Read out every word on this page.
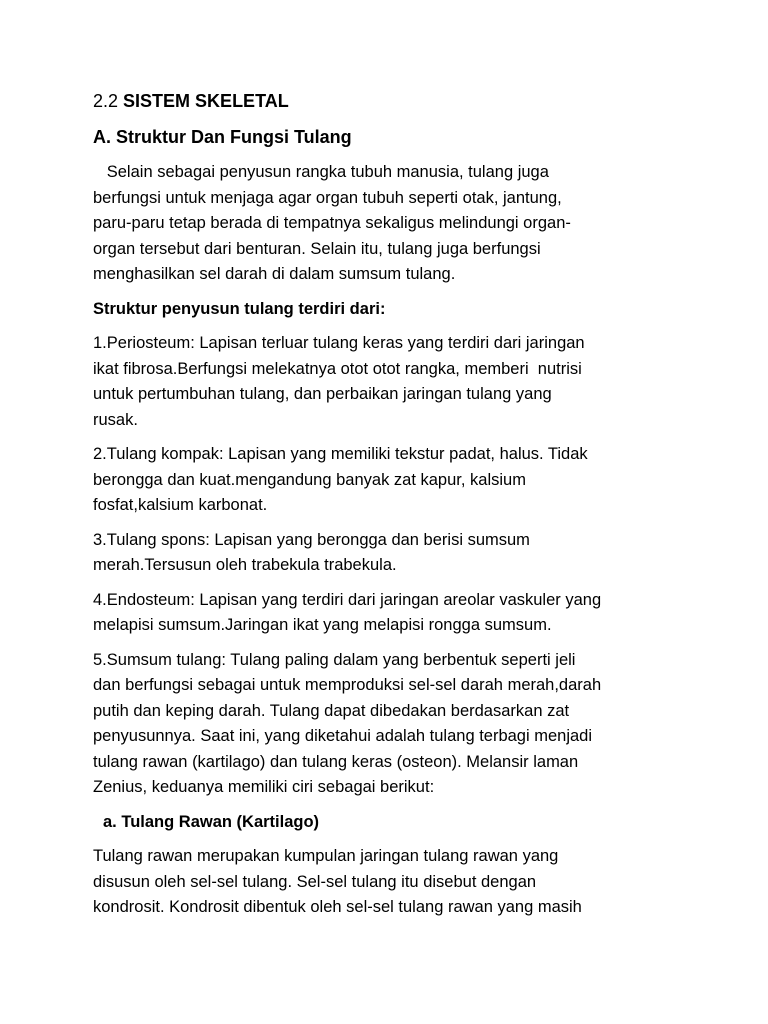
2.2 SISTEM SKELETAL
A. Struktur Dan Fungsi Tulang
Selain sebagai penyusun rangka tubuh manusia, tulang juga
berfungsi untuk menjaga agar organ tubuh seperti otak, jantung,
paru-paru tetap berada di tempatnya sekaligus melindungi organ-
organ tersebut dari benturan. Selain itu, tulang juga berfungsi
menghasilkan sel darah di dalam sumsum tulang.
Struktur penyusun tulang terdiri dari:
1.Periosteum: Lapisan terluar tulang keras yang terdiri dari jaringan
ikat fibrosa.Berfungsi melekatnya otot otot rangka, memberi  nutrisi
untuk pertumbuhan tulang, dan perbaikan jaringan tulang yang
rusak.
2.Tulang kompak: Lapisan yang memiliki tekstur padat, halus. Tidak
berongga dan kuat.mengandung banyak zat kapur, kalsium
fosfat,kalsium karbonat.
3.Tulang spons: Lapisan yang berongga dan berisi sumsum
merah.Tersusun oleh trabekula trabekula.
4.Endosteum: Lapisan yang terdiri dari jaringan areolar vaskuler yang
melapisi sumsum.Jaringan ikat yang melapisi rongga sumsum.
5.Sumsum tulang: Tulang paling dalam yang berbentuk seperti jeli
dan berfungsi sebagai untuk memproduksi sel-sel darah merah,darah
putih dan keping darah. Tulang dapat dibedakan berdasarkan zat
penyusunnya. Saat ini, yang diketahui adalah tulang terbagi menjadi
tulang rawan (kartilago) dan tulang keras (osteon). Melansir laman
Zenius, keduanya memiliki ciri sebagai berikut:
a. Tulang Rawan (Kartilago)
Tulang rawan merupakan kumpulan jaringan tulang rawan yang
disusun oleh sel-sel tulang. Sel-sel tulang itu disebut dengan
kondrosit. Kondrosit dibentuk oleh sel-sel tulang rawan yang masih
